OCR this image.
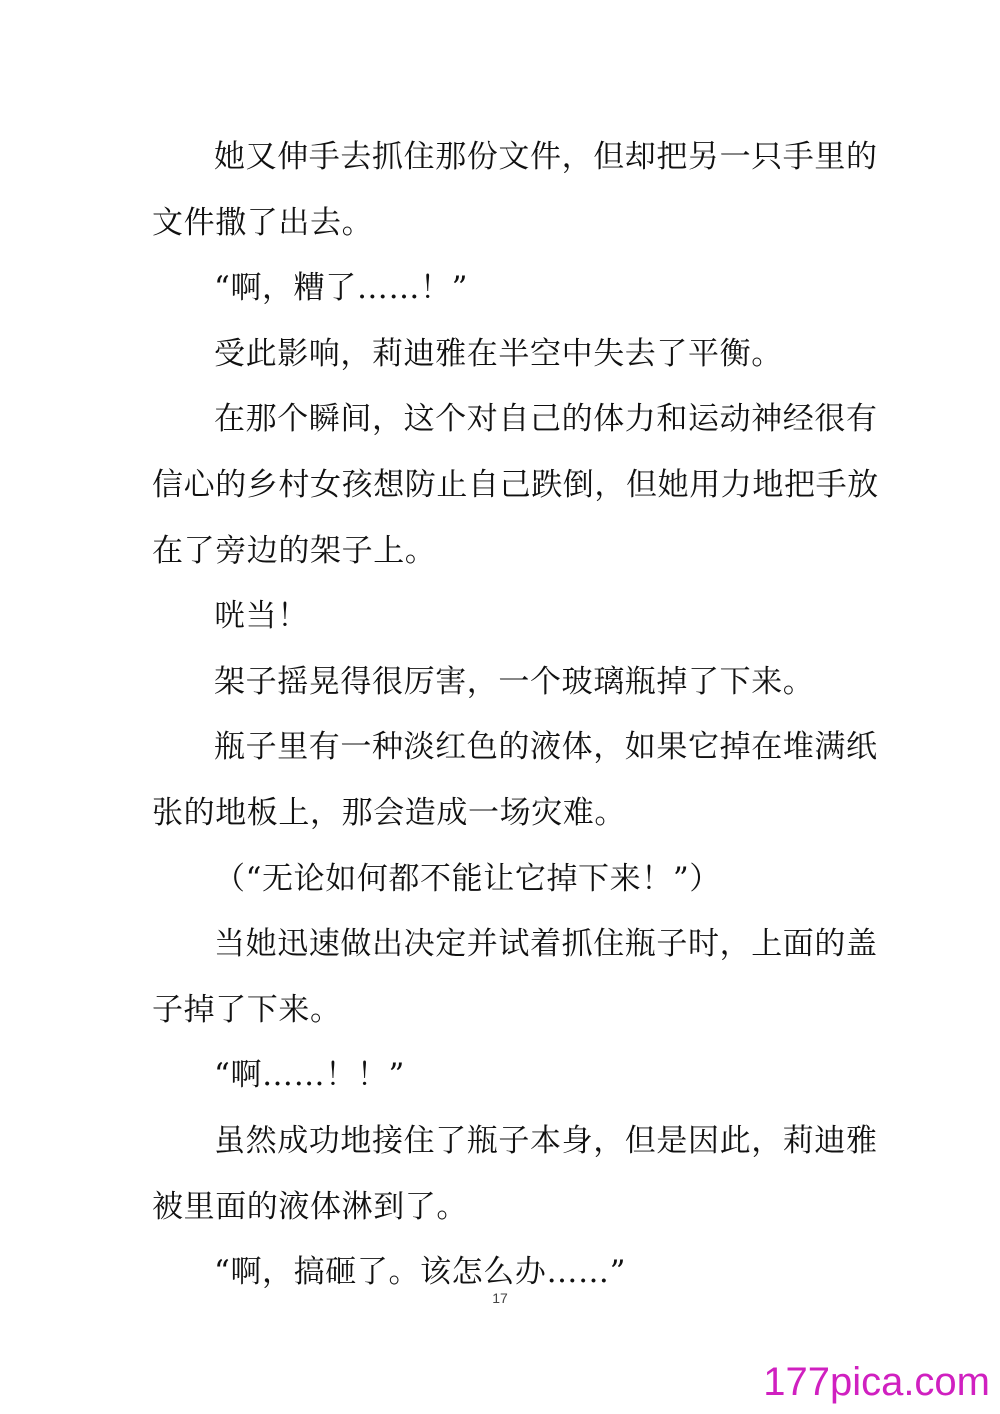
她又伸手去抓住那份文件，但却把另一只手里的

文件撒了出去。

“啊，糟了……！”

受此影响，莉迪雅在半空中失去了平衡。

在那个瞬间，这个对自己的体力和运动神经很有

信心的乡村女孩想防止自己跌倒，但她用力地把手放

在了旁边的架子上。

咣当！

架子摇晃得很厉害，一个玻璃瓶掉了下来。

瓶子里有一种淡红色的液体，如果它掉在堆满纸

张的地板上，那会造成一场灾难。

（“无论如何都不能让它掉下来！”）

当她迅速做出决定并试着抓住瓶子时，上面的盖

子掉了下来。

“啊……！！”

虽然成功地接住了瓶子本身，但是因此，莉迪雅

被里面的液体淋到了。

“啊，搞砸了。该怎么办……”

17
177pica.com
